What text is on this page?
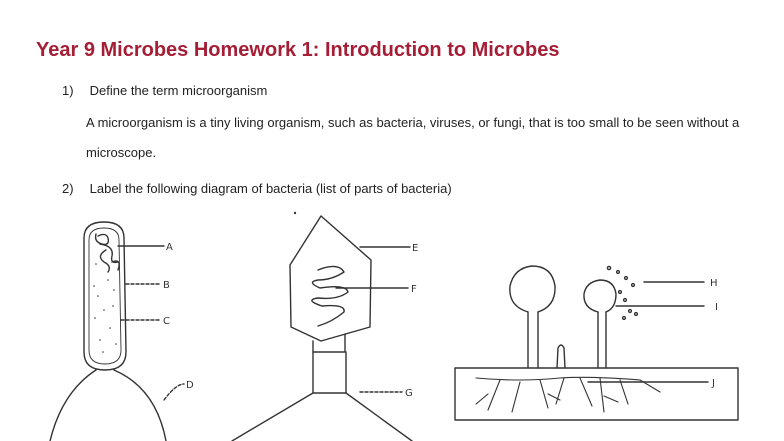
Year 9 Microbes Homework 1: Introduction to Microbes
1) Define the term microorganism
A microorganism is a tiny living organism, such as bacteria, viruses, or fungi, that is too small to be seen without a microscope.
2) Label the following diagram of bacteria (list of parts of bacteria)
A
B
C
D
E
F
G
H
I
J
